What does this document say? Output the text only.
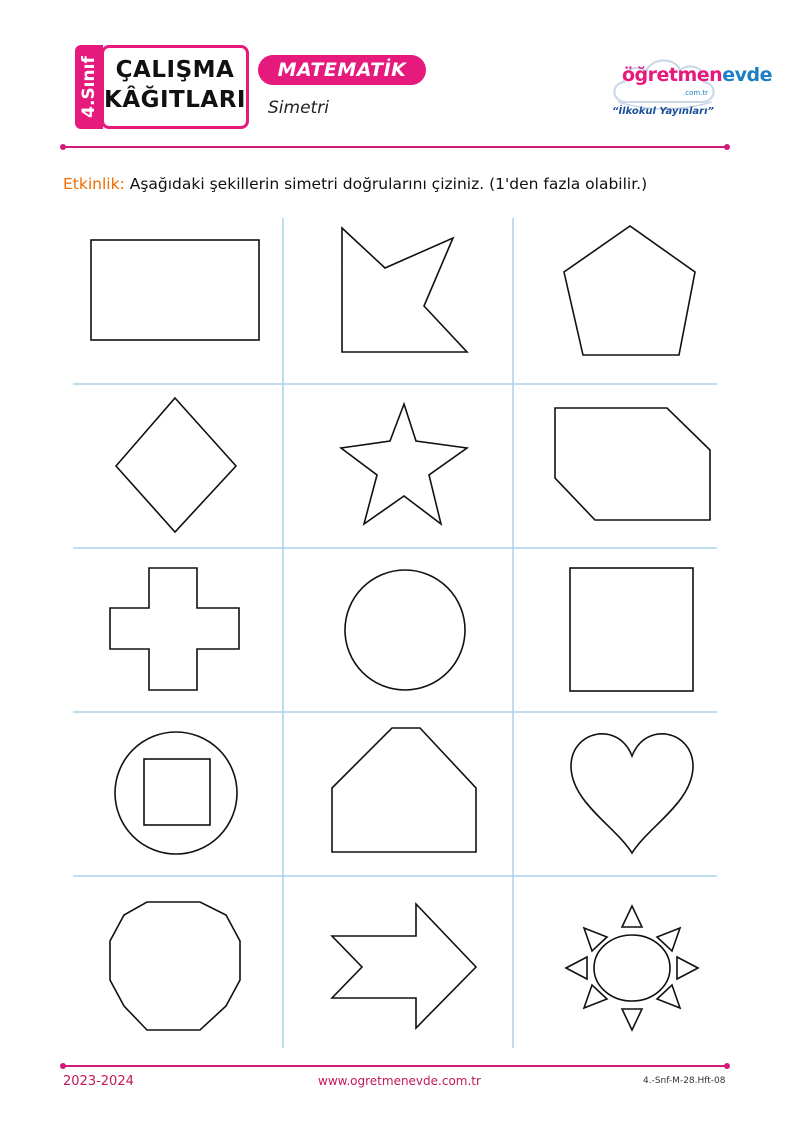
4.Sınıf ÇALIŞMA
KÂĞITLARI
MATEMATİK
Simetri
öğretmenevde
.com.tr
“İlkokul Yayınları”
Etkinlik: Aşağıdaki şekillerin simetri doğrularını çiziniz. (1'den fazla olabilir.)
2023-2024	www.ogretmenevde.com.tr	4.-Snf-M-28.Hft-08
